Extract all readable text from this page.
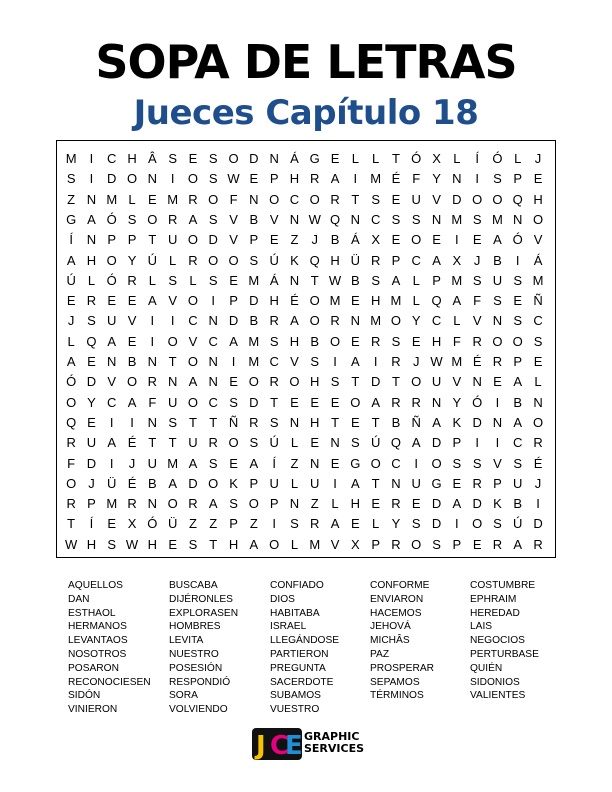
SOPA DE LETRAS
Jueces Capítulo 18
M	I	C H Â S E S O D N Á G E L	L T Ó X L	Í	Ó L	J
S	I	D O N	I	O S W E P H R A	I	M É F Y N	I	S P E
Z N M L E M R O F N O C O R T S E U V D O O Q H
G A Ó S O R A S V B V N W Q N C S S N M S M N O
Í	N P P T U O D V P E Z	J B Á X E O E	I	E A Ó V
A H O Y Ú L R O O S Ú K Q H Ü R P C A X J B	I	Á
Ú L Ó R L S L S E M Á N T W B S A L P M S U S M
E R E E A V O	I	P D H É O M E H M L Q A F S E Ñ
J S U V	I	I	C N D B R A O R N M O Y C L V N S C
L Q A E	I	O V C A M S H B O E R S E H F R O O S
A E N B N T O N	I	M C V S	I	A	I	R J W M É R P E
Ó D V O R N A N E O R O H S T D T O U V N E A L
O Y C A F U O C S D T E E E O A R R N Y Ó	I	B N
Q E	I	I	N S T T Ñ R S N H T E T B Ñ A K D N A O
R U A É T T U R O S Ú L E N S Ú Q A D P	I	I	C R
F D	I	J U M A S E A	Í	Z N E G O C	I	O S S V S É
O J Ü É B A D O K P U L U	I	A T N U G E R P U J
R P M R N O R A S O P N Z L H E R E D A D K B	I
T	Í	E X Ó Ü Z Z P Z	I	S R A E L Y S D	I	O S Ú D
W H S W H E S T H A O L M V X P R O S P E R A R
AQUELLOS
DAN
ESTHAOL
HERMANOS
LEVANTAOS
NOSOTROS
POSARON
RECONOCIESEN
SIDÓN
VINIERON
BUSCABA
DIJÉRONLES
EXPLORASEN
HOMBRES
LEVITA
NUESTRO
POSESIÓN
RESPONDIÓ
SORA
VOLVIENDO
CONFIADO
DIOS
HABITABA
ISRAEL
LLEGÁNDOSE
PARTIERON
PREGUNTA
SACERDOTE
SUBAMOS
VUESTRO
CONFORME
ENVIARON
HACEMOS
JEHOVÁ
MICHÂS
PAZ
PROSPERAR
SEPAMOS
TÉRMINOS
COSTUMBRE
EPHRAIM
HEREDAD
LAIS
NEGOCIOS
PERTURBASE
QUIÉN
SIDONIOS
VALIENTES
J C
E GRAPHIC
SERVICES
